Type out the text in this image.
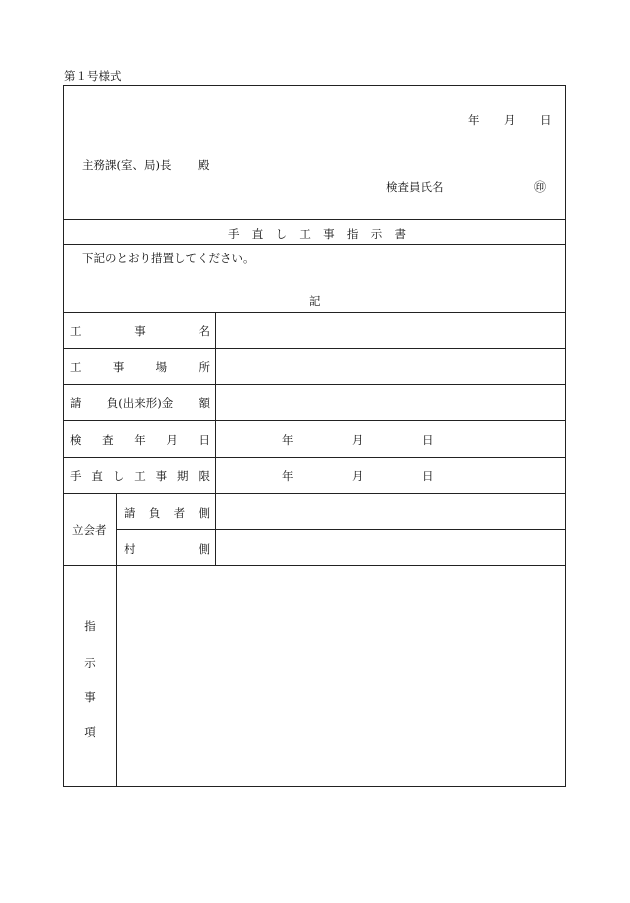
第１号様式
年 月 日
主務課(室、局)長 殿
検査員氏名	㊞
手 直 し 工 事 指 示 書
下記のとおり措置してください。
記
工	事	名
工	事	場	所
請 負(出来形)金 額
検 査 年 月 日	年	月	日
手 直 し 工 事 期 限	年	月	日
立会者
請 負 者 側
村	側
指
示
事
項
